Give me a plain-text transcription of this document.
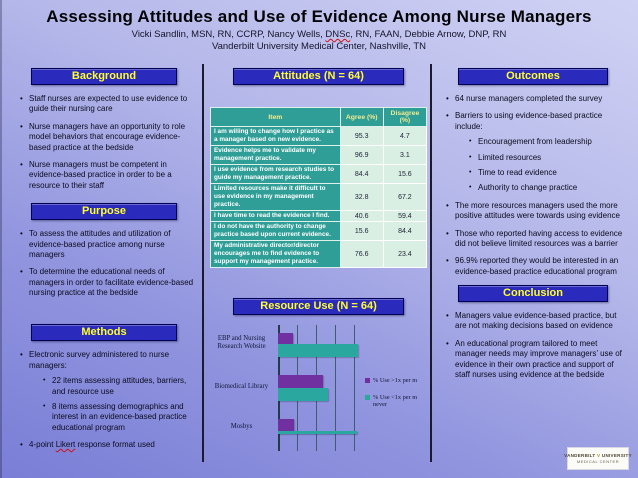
Assessing Attitudes and Use of Evidence Among Nurse Managers
Vicki Sandlin, MSN, RN, CCRP, Nancy Wells, DNSc, RN, FAAN, Debbie Arnow, DNP, RN
Vanderbilt University Medical Center, Nashville, TN
Background
• Staff nurses are expected to use evidence to guide their nursing care
• Nurse managers have an opportunity to role model behaviors that encourage evidence-based practice at the bedside
• Nurse managers must be competent in evidence-based practice in order to be a resource to their staff
Purpose
• To assess the attitudes and utilization of evidence-based practice among nurse managers
• To determine the educational needs of managers in order to facilitate evidence-based nursing practice at the bedside
Methods
• Electronic survey administered to nurse managers:
• 22 items assessing attitudes, barriers, and resource use
• 8 items assessing demographics and interest in an evidence-based practice educational program
• 4-point Likert response format used
Attitudes (N = 64)
Item	Agree (%)	Disagree (%)
I am willing to change how I practice as a manager based on new evidence.	95.3	4.7
Evidence helps me to validate my management practice.	96.9	3.1
I use evidence from research studies to guide my management practice.	84.4	15.6
Limited resources make it difficult to use evidence in my management practice.	32.8	67.2
I have time to read the evidence I find.	40.6	59.4
I do not have the authority to change practice based upon current evidence.	15.6	84.4
My administrative director/director encourages me to find evidence to support my management practice.	76.6	23.4
Resource Use (N = 64)
EBP and Nursing Research Website
Biomedical Library
Mosbys
% Use >1x per m
% Use <1x per m never
Outcomes
• 64 nurse managers completed the survey
• Barriers to using evidence-based practice include:
• Encouragement from leadership
• Limited resources
• Time to read evidence
• Authority to change practice
• The more resources managers used the more positive attitudes were towards using evidence
• Those who reported having access to evidence did not believe limited resources was a barrier
• 96.9% reported they would be interested in an evidence-based practice educational program
Conclusion
• Managers value evidence-based practice, but are not making decisions based on evidence
• An educational program tailored to meet manager needs may improve managers’ use of evidence in their own practice and support of staff nurses using evidence at the bedside
VANDERBILT V UNIVERSITY
MEDICAL CENTER
